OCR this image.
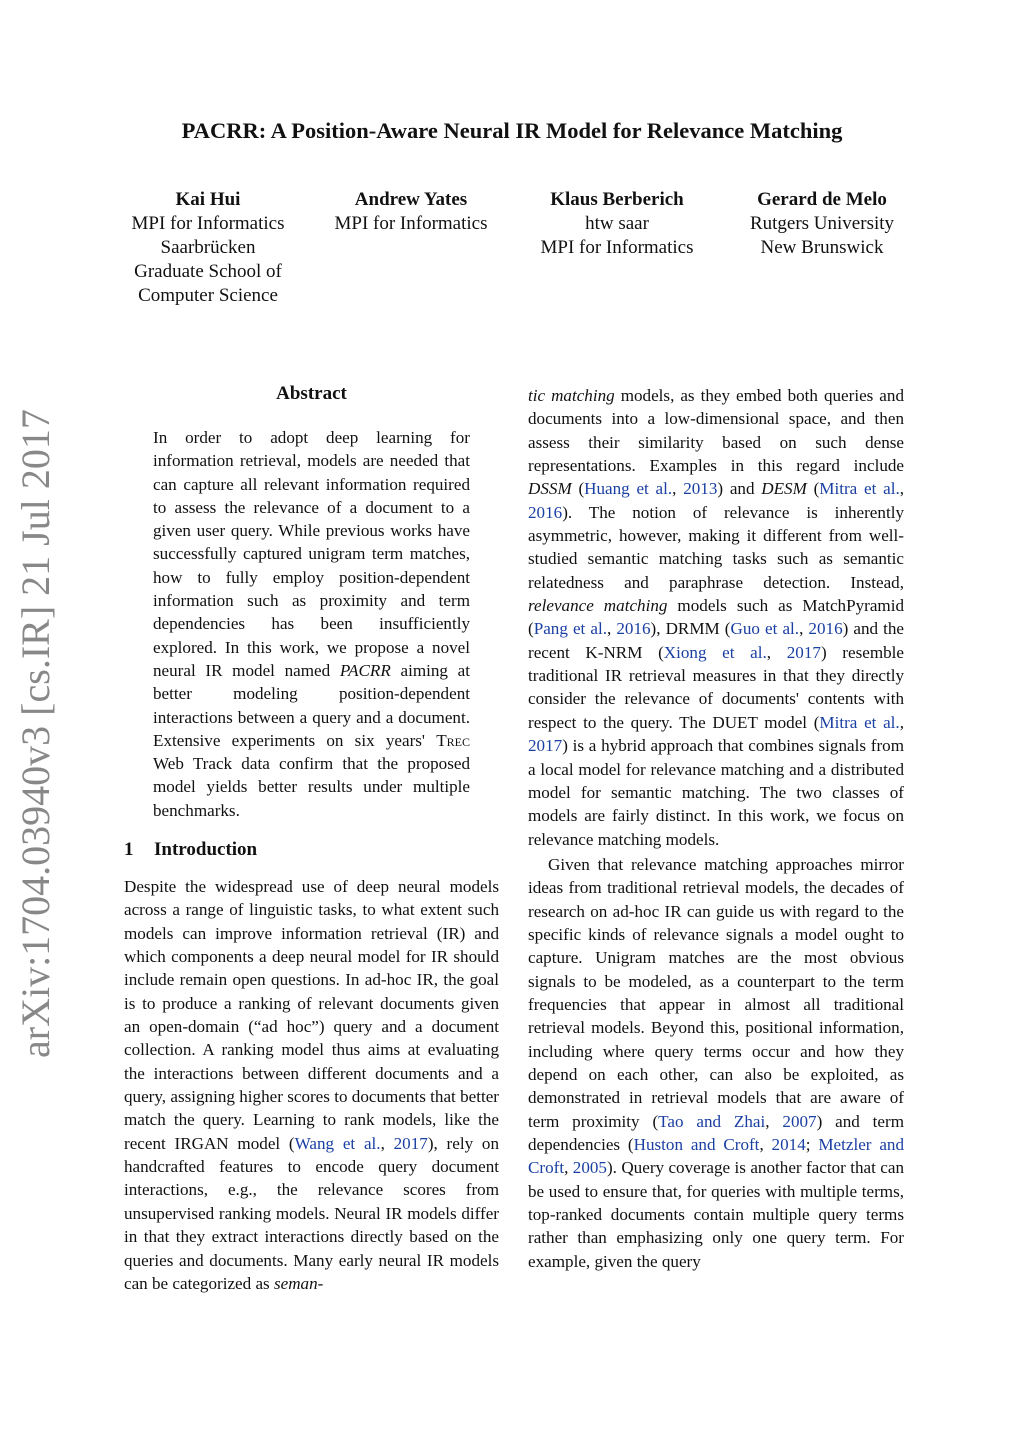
PACRR: A Position-Aware Neural IR Model for Relevance Matching
Kai Hui
MPI for Informatics
Saarbrücken
Graduate School of
Computer Science
Andrew Yates
MPI for Informatics
Klaus Berberich
htw saar
MPI for Informatics
Gerard de Melo
Rutgers University
New Brunswick
arXiv:1704.03940v3 [cs.IR] 21 Jul 2017
Abstract

In order to adopt deep learning for information retrieval, models are needed that can capture all relevant information required to assess the relevance of a document to a given user query. While previous works have successfully captured unigram term matches, how to fully employ position-dependent information such as proximity and term dependencies has been insufficiently explored. In this work, we propose a novel neural IR model named PACRR aiming at better modeling position-dependent interactions between a query and a document. Extensive experiments on six years' Trec Web Track data confirm that the proposed model yields better results under multiple benchmarks.

1 Introduction

Despite the widespread use of deep neural models across a range of linguistic tasks, to what extent such models can improve information retrieval (IR) and which components a deep neural model for IR should include remain open questions. In ad-hoc IR, the goal is to produce a ranking of relevant documents given an open-domain (“ad hoc”) query and a document collection. A ranking model thus aims at evaluating the interactions between different documents and a query, assigning higher scores to documents that better match the query. Learning to rank models, like the recent IRGAN model (Wang et al., 2017), rely on handcrafted features to encode query document interactions, e.g., the relevance scores from unsupervised ranking models. Neural IR models differ in that they extract interactions directly based on the queries and documents. Many early neural IR models can be categorized as seman-

tic matching models, as they embed both queries and documents into a low-dimensional space, and then assess their similarity based on such dense representations. Examples in this regard include DSSM (Huang et al., 2013) and DESM (Mitra et al., 2016). The notion of relevance is inherently asymmetric, however, making it different from well-studied semantic matching tasks such as semantic relatedness and paraphrase detection. Instead, relevance matching models such as MatchPyramid (Pang et al., 2016), DRMM (Guo et al., 2016) and the recent K-NRM (Xiong et al., 2017) resemble traditional IR retrieval measures in that they directly consider the relevance of documents' contents with respect to the query. The DUET model (Mitra et al., 2017) is a hybrid approach that combines signals from a local model for relevance matching and a distributed model for semantic matching. The two classes of models are fairly distinct. In this work, we focus on relevance matching models.

Given that relevance matching approaches mirror ideas from traditional retrieval models, the decades of research on ad-hoc IR can guide us with regard to the specific kinds of relevance signals a model ought to capture. Unigram matches are the most obvious signals to be modeled, as a counterpart to the term frequencies that appear in almost all traditional retrieval models. Beyond this, positional information, including where query terms occur and how they depend on each other, can also be exploited, as demonstrated in retrieval models that are aware of term proximity (Tao and Zhai, 2007) and term dependencies (Huston and Croft, 2014; Metzler and Croft, 2005). Query coverage is another factor that can be used to ensure that, for queries with multiple terms, top-ranked documents contain multiple query terms rather than emphasizing only one query term. For example, given the query
